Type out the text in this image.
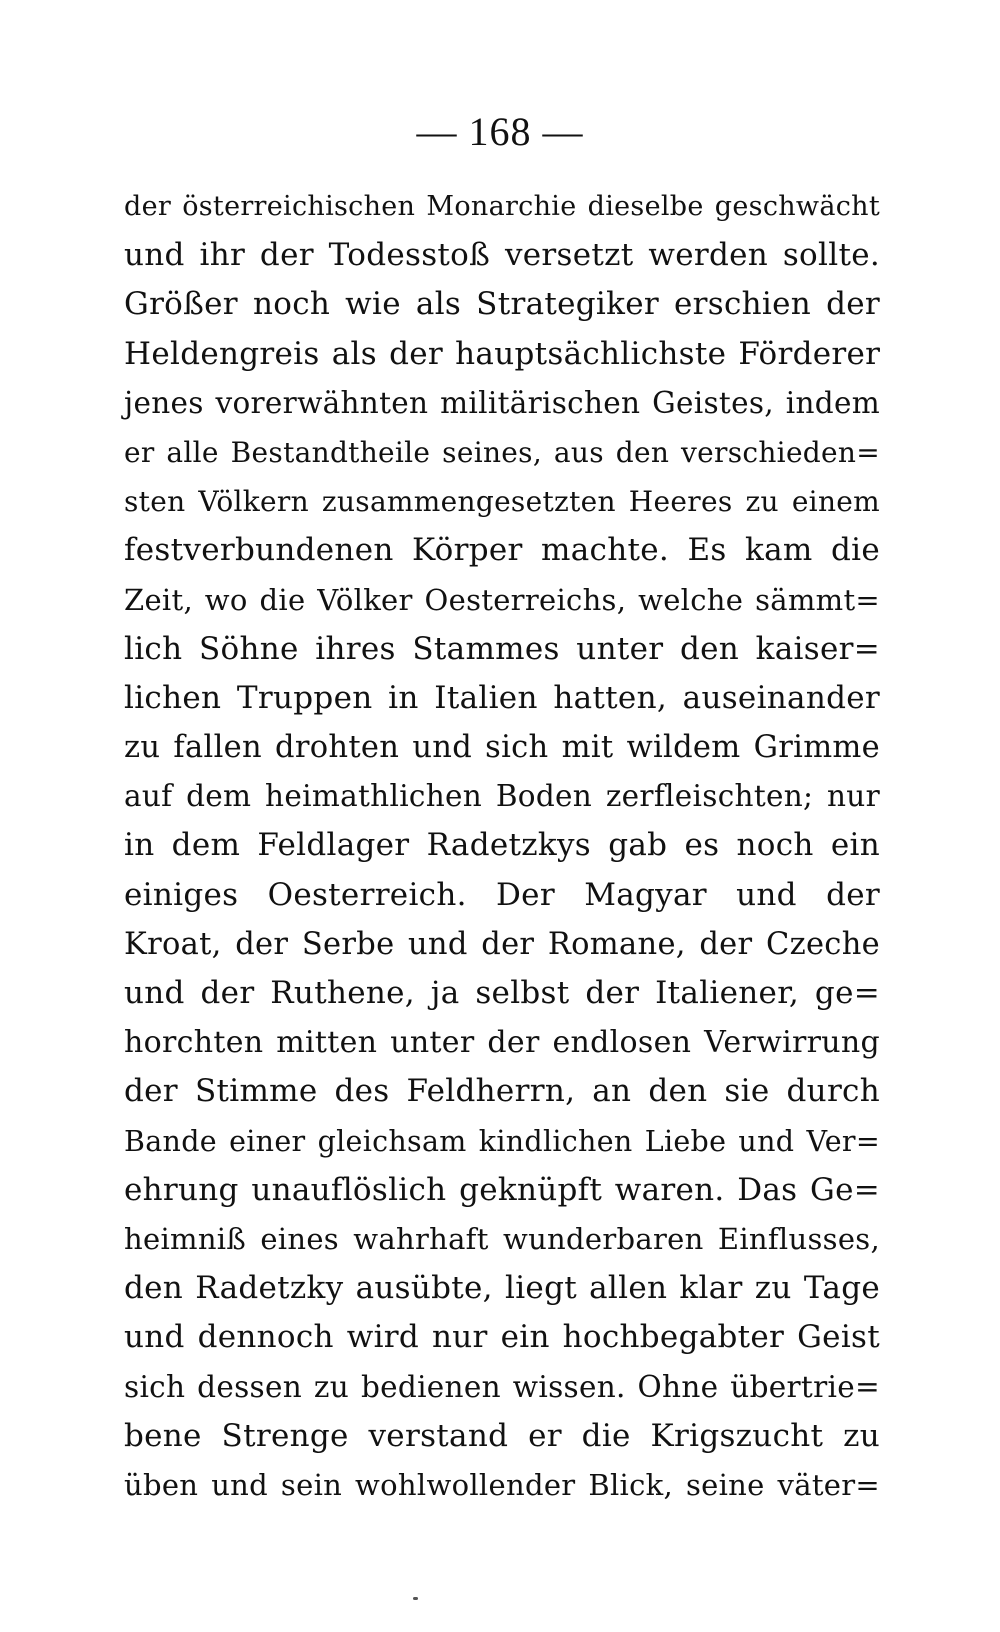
— 168 —
der österreichischen Monarchie dieselbe geschwächt
und ihr der Todesstoß versetzt werden sollte.
Größer noch wie als Strategiker erschien der
Heldengreis als der hauptsächlichste Förderer
jenes vorerwähnten militärischen Geistes, indem
er alle Bestandtheile seines, aus den verschieden=
sten Völkern zusammengesetzten Heeres zu einem
festverbundenen Körper machte. Es kam die
Zeit, wo die Völker Oesterreichs, welche sämmt=
lich Söhne ihres Stammes unter den kaiser=
lichen Truppen in Italien hatten, auseinander
zu fallen drohten und sich mit wildem Grimme
auf dem heimathlichen Boden zerfleischten; nur
in dem Feldlager Radetzkys gab es noch ein
einiges Oesterreich. Der Magyar und der
Kroat, der Serbe und der Romane, der Czeche
und der Ruthene, ja selbst der Italiener, ge=
horchten mitten unter der endlosen Verwirrung
der Stimme des Feldherrn, an den sie durch
Bande einer gleichsam kindlichen Liebe und Ver=
ehrung unauflöslich geknüpft waren. Das Ge=
heimniß eines wahrhaft wunderbaren Einflusses,
den Radetzky ausübte, liegt allen klar zu Tage
und dennoch wird nur ein hochbegabter Geist
sich dessen zu bedienen wissen. Ohne übertrie=
bene Strenge verstand er die Krigszucht zu
üben und sein wohlwollender Blick, seine väter=
